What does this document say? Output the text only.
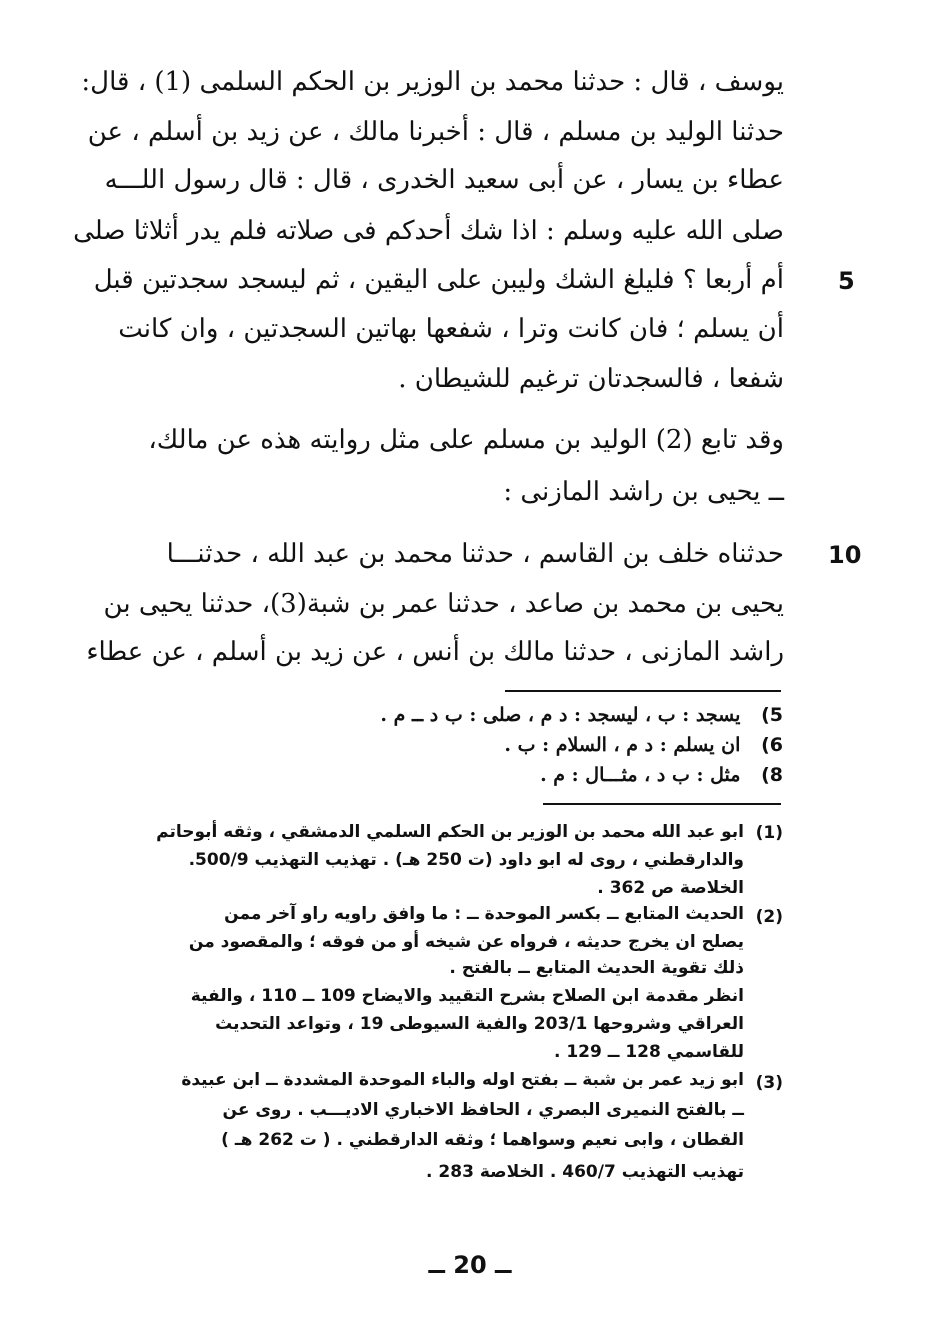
يوسف ، قال : حدثنا محمد بن الوزير بن الحكم السلمى (1) ، قال:
حدثنا الوليد بن مسلم ، قال : أخبرنا مالك ، عن زيد بن أسلم ، عن
عطاء بن يسار ، عن أبى سعيد الخدرى ، قال : قال رسول اللـــه
صلى الله عليه وسلم : اذا شك أحدكم فى صلاته فلم يدر أثلاثا صلى
أم أربعا ؟ فليلغ الشك وليبن على اليقين ، ثم ليسجد سجدتين قبل
أن يسلم ؛ فان كانت وترا ، شفعها بهاتين السجدتين ، وان كانت
شفعا ، فالسجدتان ترغيم للشيطان .
وقد تابع (2) الوليد بن مسلم على مثل روايته هذه عن مالك،
ــ يحيى بن راشد المازنى :
حدثناه خلف بن القاسم ، حدثنا محمد بن عبد الله ، حدثنـــا
يحيى بن محمد بن صاعد ، حدثنا عمر بن شبة(3)، حدثنا يحيى بن
راشد المازنى ، حدثنا مالك بن أنس ، عن زيد بن أسلم ، عن عطاء
5
10
5) يسجد : ب ، ليسجد : د م ، صلى : ب د ــ م .
6) ان يسلم : د م ، السلام : ب .
8) مثل : ب د ، مثـــال : م .
(1)
ابو عبد الله محمد بن الوزير بن الحكم السلمي الدمشقي ، وثقه أبوحاتم
والدارقطني ، روى له ابو داود (ت 250 هـ) . تهذيب التهذيب 500/9.
الخلاصة ص 362 .
(2)
الحديث المتابع ــ بكسر الموحدة ــ : ما وافق راويه راو آخر ممن
يصلح ان يخرج حديثه ، فرواه عن شيخه أو من فوقه ؛ والمقصود من
ذلك تقوية الحديث المتابع ــ بالفتح .
انظر مقدمة ابن الصلاح بشرح التقييد والايضاح 109 ــ 110 ، والفية
العراقي وشروحها 203/1 والفية السيوطى 19 ، وتواعد التحديث
للقاسمي 128 ــ 129 .
(3)
ابو زيد عمر بن شبة ــ بفتح اوله والباء الموحدة المشددة ــ ابن عبيدة
ــ بالفتح النميرى البصري ، الحافظ الاخباري الاديـــب . روى عن
القطان ، وابى نعيم وسواهما ؛ وثقه الدارقطني . ( ت 262 هـ )
تهذيب التهذيب 460/7 . الخلاصة 283 .
ــ 20 ــ
